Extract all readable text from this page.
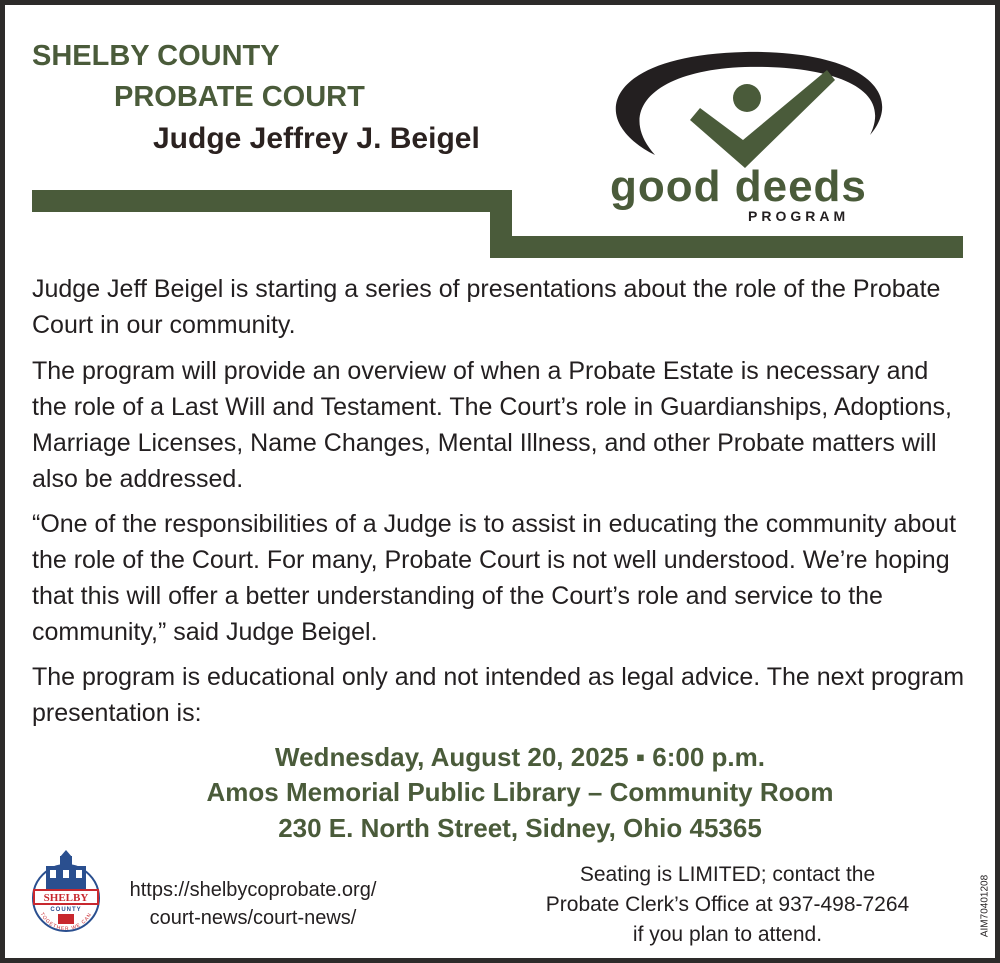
SHELBY COUNTY
PROBATE COURT
Judge Jeffrey J. Beigel
good deeds
PROGRAM

Judge Jeff Beigel is starting a series of presentations about the role of the Probate Court in our community.

The program will provide an overview of when a Probate Estate is necessary and the role of a Last Will and Testament. The Court’s role in Guardianships, Adoptions, Marriage Licenses, Name Changes, Mental Illness, and other Probate matters will also be addressed.

“One of the responsibilities of a Judge is to assist in educating the community about the role of the Court. For many, Probate Court is not well understood. We’re hoping that this will offer a better understanding of the Court’s role and service to the community,” said Judge Beigel.

The program is educational only and not intended as legal advice. The next program presentation is:

Wednesday, August 20, 2025 ▪ 6:00 p.m.
Amos Memorial Public Library – Community Room
230 E. North Street, Sidney, Ohio 45365
SHELBY
COUNTY
TOGETHER WE CAN
https://shelbycoprobate.org/
court-news/court-news/
Seating is LIMITED; contact the
Probate Clerk’s Office at 937-498-7264
if you plan to attend.	AIM70401208
